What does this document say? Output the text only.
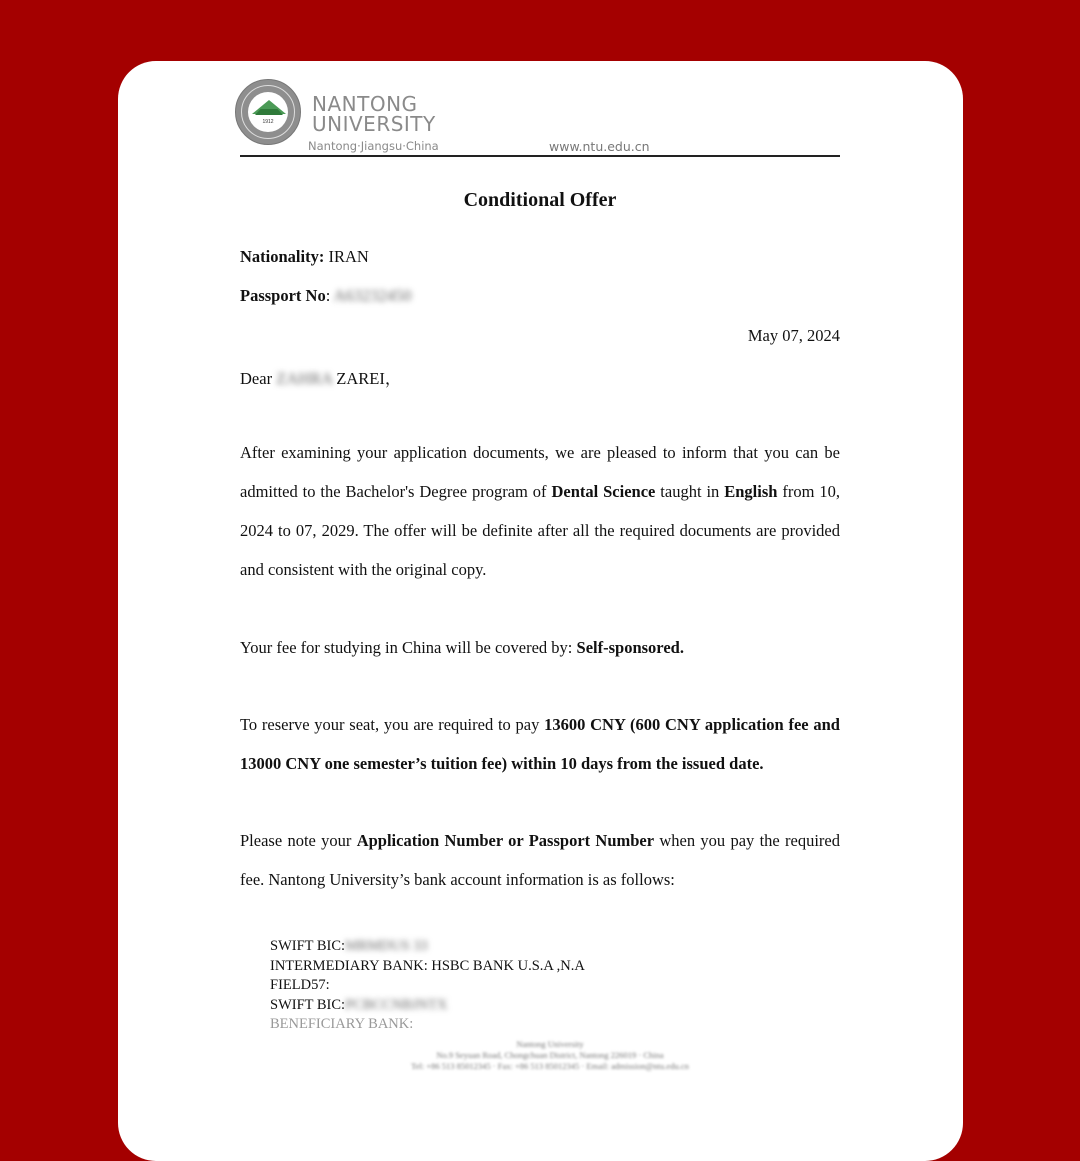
1912
NANTONG
UNIVERSITY
Nantong·Jiangsu·China	www.ntu.edu.cn
Conditional Offer
Nationality: IRAN
Passport No: A63232450
May 07, 2024
Dear ZAHRA ZAREI，
After examining your application documents, we are pleased to inform that you can be admitted to the Bachelor's Degree program of Dental Science taught in English from 10, 2024 to 07, 2029. The offer will be definite after all the required documents are provided and consistent with the original copy.
Your fee for studying in China will be covered by: Self-sponsored.
To reserve your seat, you are required to pay 13600 CNY (600 CNY application fee and 13000 CNY one semester’s tuition fee) within 10 days from the issued date.
Please note your Application Number or Passport Number when you pay the required fee. Nantong University’s bank account information is as follows:
SWIFT BIC:MRMDUS 33
INTERMEDIARY BANK: HSBC BANK U.S.A ,N.A
FIELD57:
SWIFT BIC:PCBCCNBJNTX
BENEFICIARY BANK:
Nantong University
No.9 Seyuan Road, Chongchuan District, Nantong 226019 · China
Tel: +86 513 85012345 · Fax: +86 513 85012345 · Email: admission@ntu.edu.cn
